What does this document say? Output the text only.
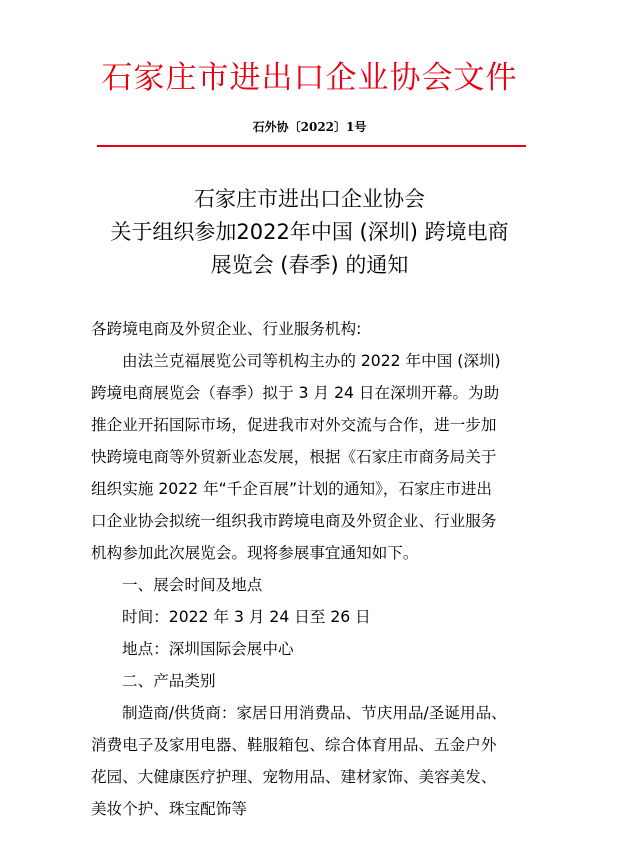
石家庄市进出口企业协会文件
石外协〔2022〕1号
石家庄市进出口企业协会
关于组织参加2022年中国 (深圳) 跨境电商
展览会 (春季) 的通知
各跨境电商及外贸企业、行业服务机构:
由法兰克福展览公司等机构主办的 2022 年中国 (深圳)
跨境电商展览会（春季）拟于 3 月 24 日在深圳开幕。为助
推企业开拓国际市场，促进我市对外交流与合作，进一步加
快跨境电商等外贸新业态发展，根据《石家庄市商务局关于
组织实施 2022 年“千企百展”计划的通知》，石家庄市进出
口企业协会拟统一组织我市跨境电商及外贸企业、行业服务
机构参加此次展览会。现将参展事宜通知如下。
一、展会时间及地点
时间：2022 年 3 月 24 日至 26 日
地点：深圳国际会展中心
二、产品类别
制造商/供货商：家居日用消费品、节庆用品/圣诞用品、
消费电子及家用电器、鞋服箱包、综合体育用品、五金户外
花园、大健康医疗护理、宠物用品、建材家饰、美容美发、
美妆个护、珠宝配饰等
